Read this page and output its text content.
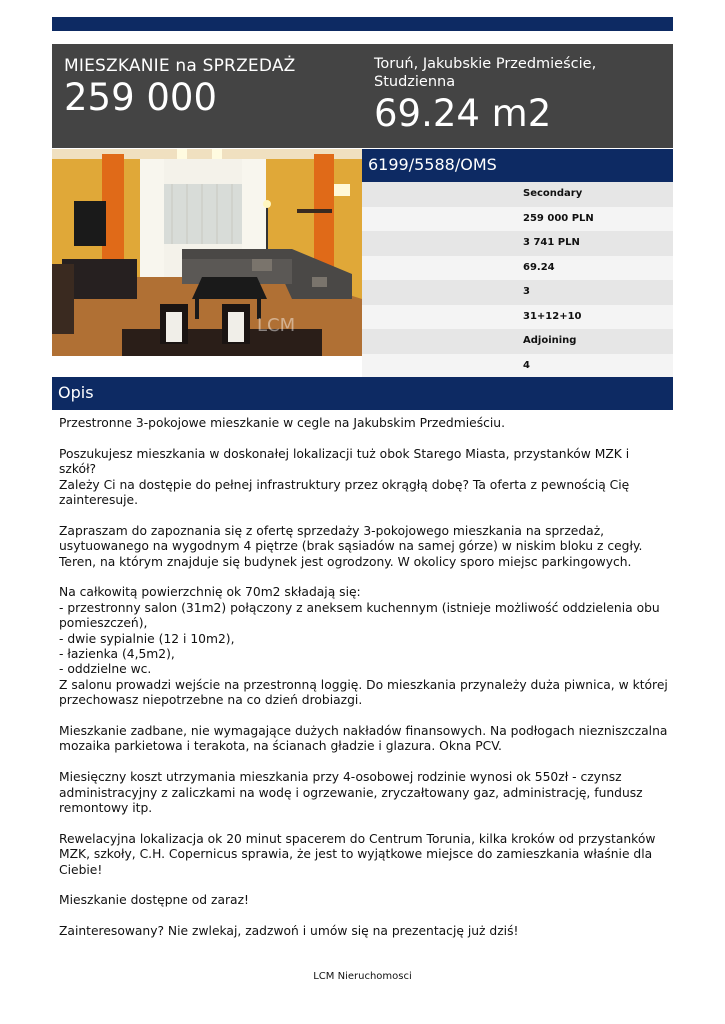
MIESZKANIE na SPRZEDAŻ
259 000
Toruń, Jakubskie Przedmieście, Studzienna
69.24 m2
LCM
6199/5588/OMS
Secondary
259 000 PLN
3 741 PLN
69.24
3
31+12+10
Adjoining
4
Opis

Przestronne 3-pokojowe mieszkanie w cegle na Jakubskim Przedmieściu.

Poszukujesz mieszkania w doskonałej lokalizacji tuż obok Starego Miasta, przystanków MZK i szkół?

Zależy Ci na dostępie do pełnej infrastruktury przez okrągłą dobę? Ta oferta z pewnością Cię

zainteresuje.

Zapraszam do zapoznania się z ofertę sprzedaży 3-pokojowego mieszkania na sprzedaż,

usytuowanego na wygodnym 4 piętrze (brak sąsiadów na samej górze) w niskim bloku z cegły.

Teren, na którym znajduje się budynek jest ogrodzony. W okolicy sporo miejsc parkingowych.

Na całkowitą powierzchnię ok 70m2 składają się:

- przestronny salon (31m2) połączony z aneksem kuchennym (istnieje możliwość oddzielenia obu

pomieszczeń),

- dwie sypialnie (12 i 10m2),

- łazienka (4,5m2),

- oddzielne wc.

Z salonu prowadzi wejście na przestronną loggię. Do mieszkania przynależy duża piwnica, w której

przechowasz niepotrzebne na co dzień drobiazgi.

Mieszkanie zadbane, nie wymagające dużych nakładów finansowych. Na podłogach niezniszczalna

mozaika parkietowa i terakota, na ścianach gładzie i glazura. Okna PCV.

Miesięczny koszt utrzymania mieszkania przy 4-osobowej rodzinie wynosi ok 550zł - czynsz

administracyjny z zaliczkami na wodę i ogrzewanie, zryczałtowany gaz, administrację, fundusz

remontowy itp.

Rewelacyjna lokalizacja ok 20 minut spacerem do Centrum Torunia, kilka kroków od przystanków

MZK, szkoły, C.H. Copernicus sprawia, że jest to wyjątkowe miejsce do zamieszkania właśnie dla

Ciebie!

Mieszkanie dostępne od zaraz!

Zainteresowany? Nie zwlekaj, zadzwoń i umów się na prezentację już dziś!

LCM Nieruchomosci
